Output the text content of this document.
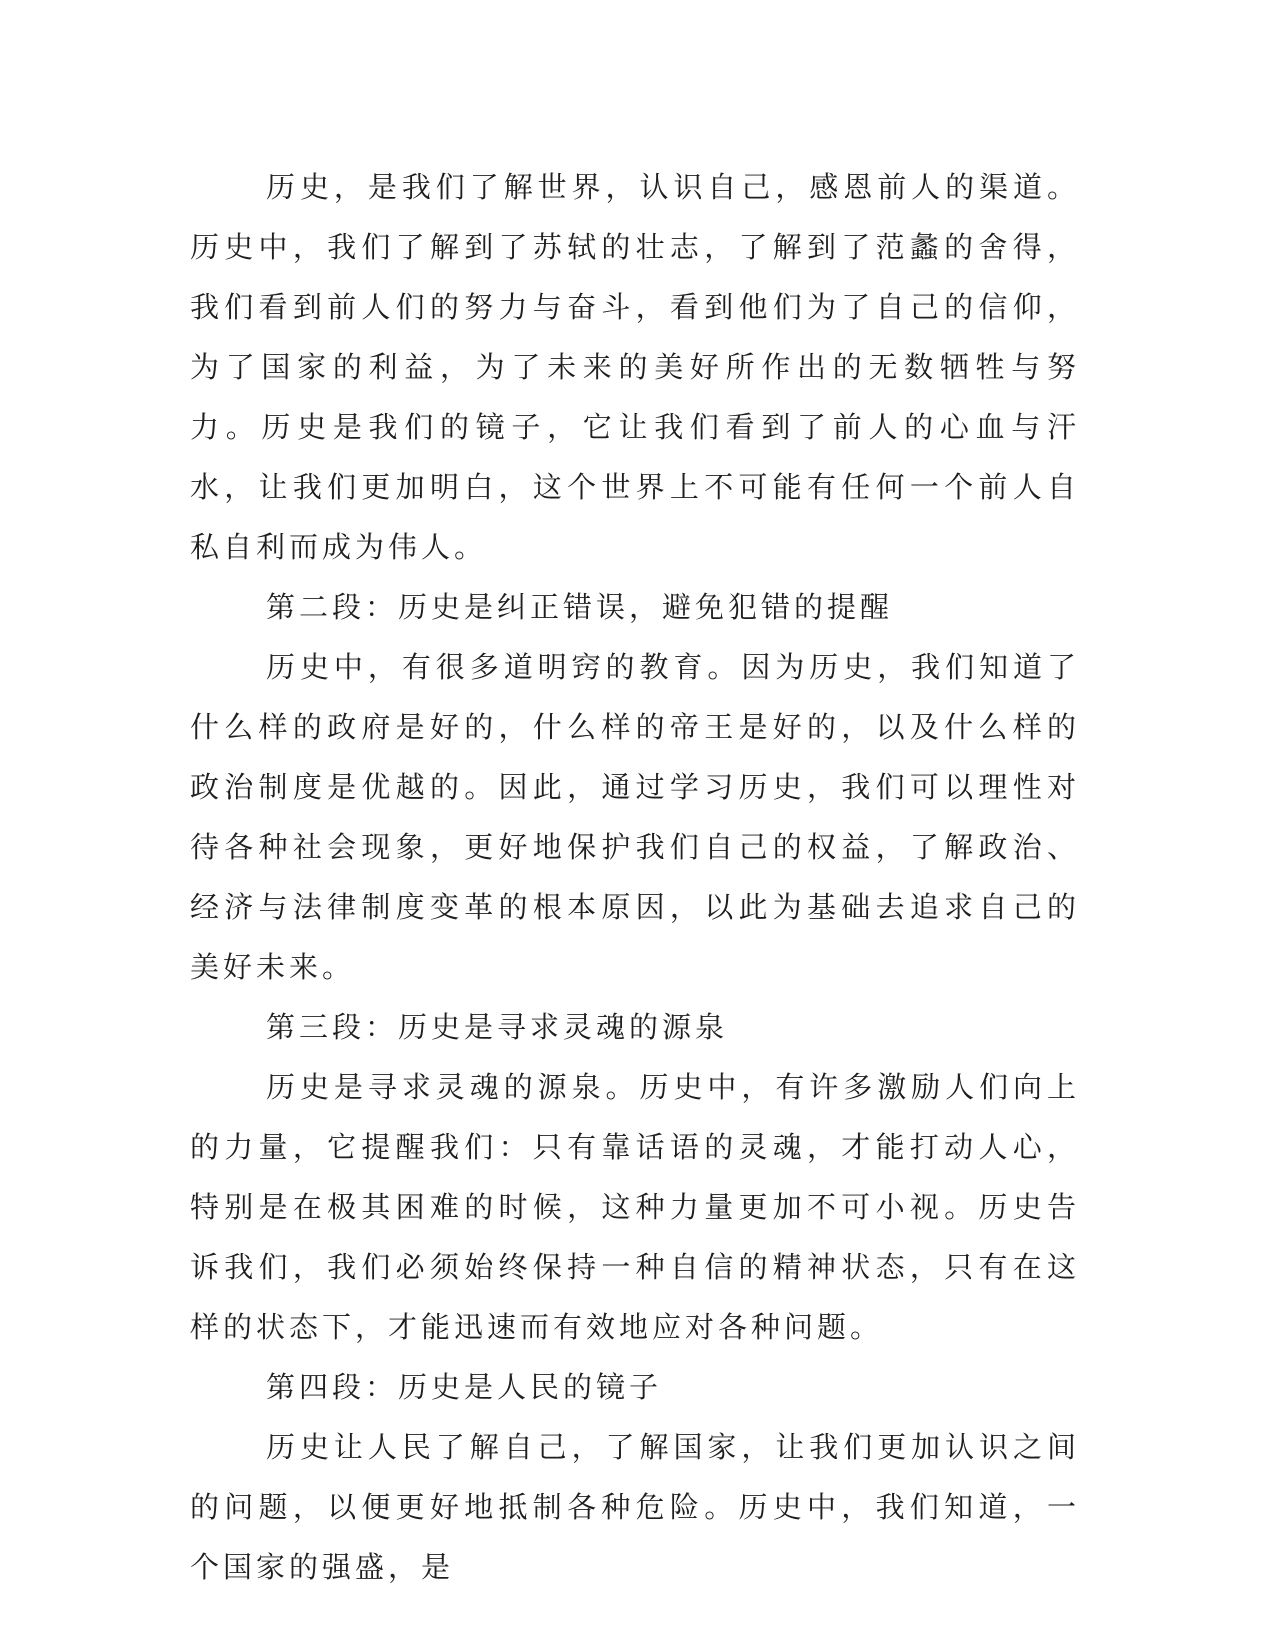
历史，是我们了解世界，认识自己，感恩前人的渠道。历史中，我们了解到了苏轼的壮志，了解到了范蠡的舍得，我们看到前人们的努力与奋斗，看到他们为了自己的信仰，为了国家的利益，为了未来的美好所作出的无数牺牲与努力。历史是我们的镜子，它让我们看到了前人的心血与汗水，让我们更加明白，这个世界上不可能有任何一个前人自私自利而成为伟人。

第二段：历史是纠正错误，避免犯错的提醒

历史中，有很多道明窍的教育。因为历史，我们知道了什么样的政府是好的，什么样的帝王是好的，以及什么样的政治制度是优越的。因此，通过学习历史，我们可以理性对待各种社会现象，更好地保护我们自己的权益，了解政治、经济与法律制度变革的根本原因，以此为基础去追求自己的美好未来。

第三段：历史是寻求灵魂的源泉

历史是寻求灵魂的源泉。历史中，有许多激励人们向上的力量，它提醒我们：只有靠话语的灵魂，才能打动人心，特别是在极其困难的时候，这种力量更加不可小视。历史告诉我们，我们必须始终保持一种自信的精神状态，只有在这样的状态下，才能迅速而有效地应对各种问题。

第四段：历史是人民的镜子

历史让人民了解自己，了解国家，让我们更加认识之间的问题，以便更好地抵制各种危险。历史中，我们知道，一个国家的强盛，是
